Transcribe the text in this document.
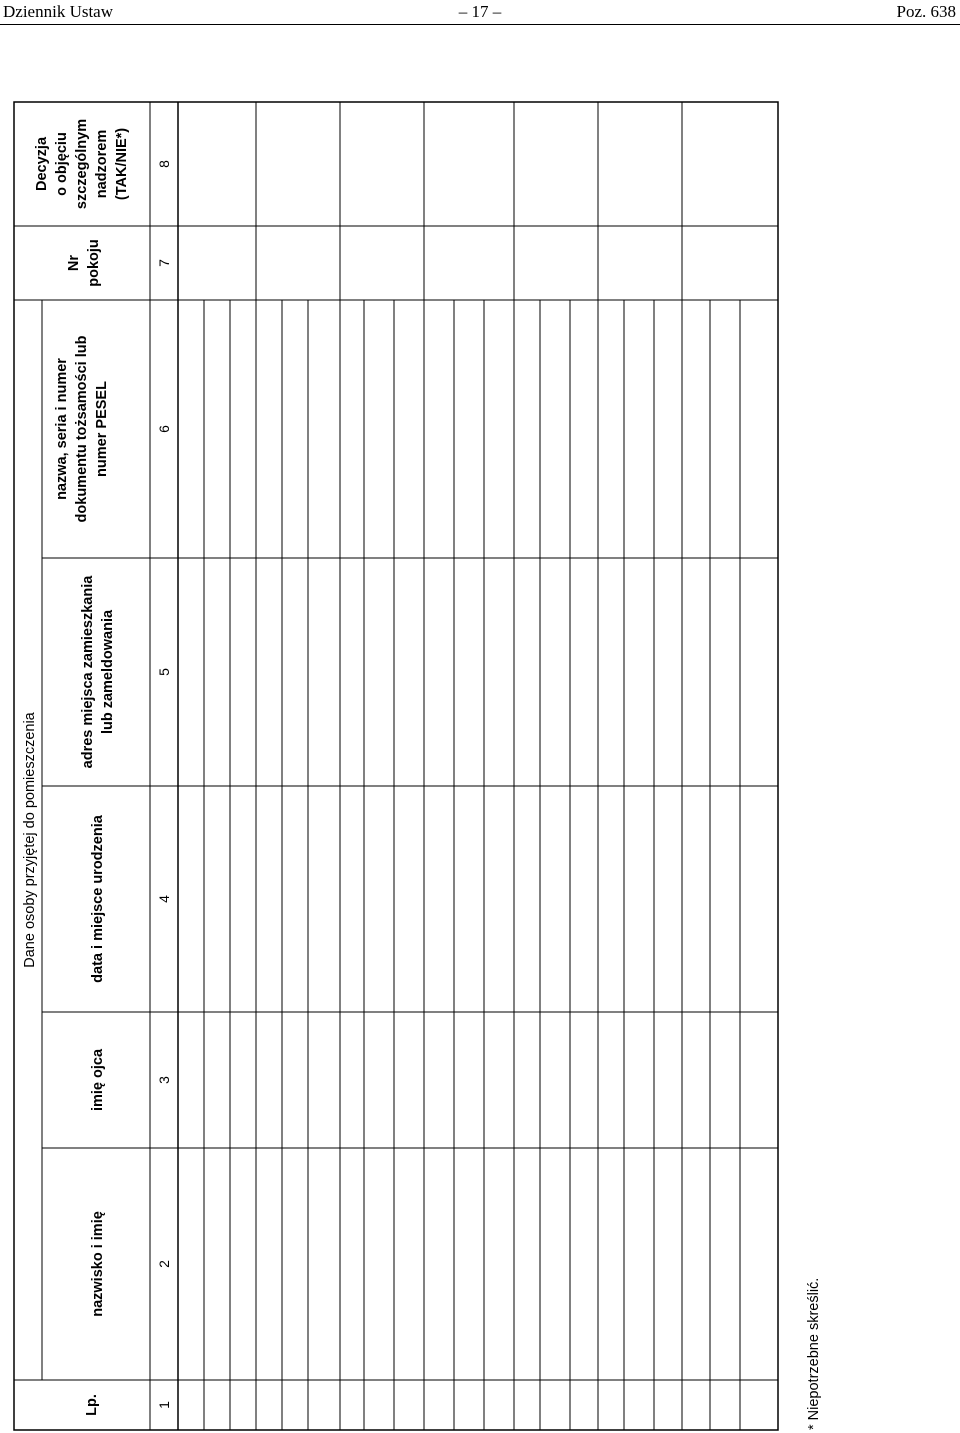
Dziennik Ustaw	– 17 –	Poz. 638
Dane osoby przyjętej do pomieszczenia
Lp.
nazwisko i imię
imię ojca
data i miejsce urodzenia
adres miejsca zamieszkania lub zameldowania
nazwa, seria i numer dokumentu tożsamości lub numer PESEL
Nr pokoju
Decyzja o objęciu szczególnym nadzorem (TAK/NIE*)
1
2
3
4
5
6
7
8
* Niepotrzebne skreślić.
